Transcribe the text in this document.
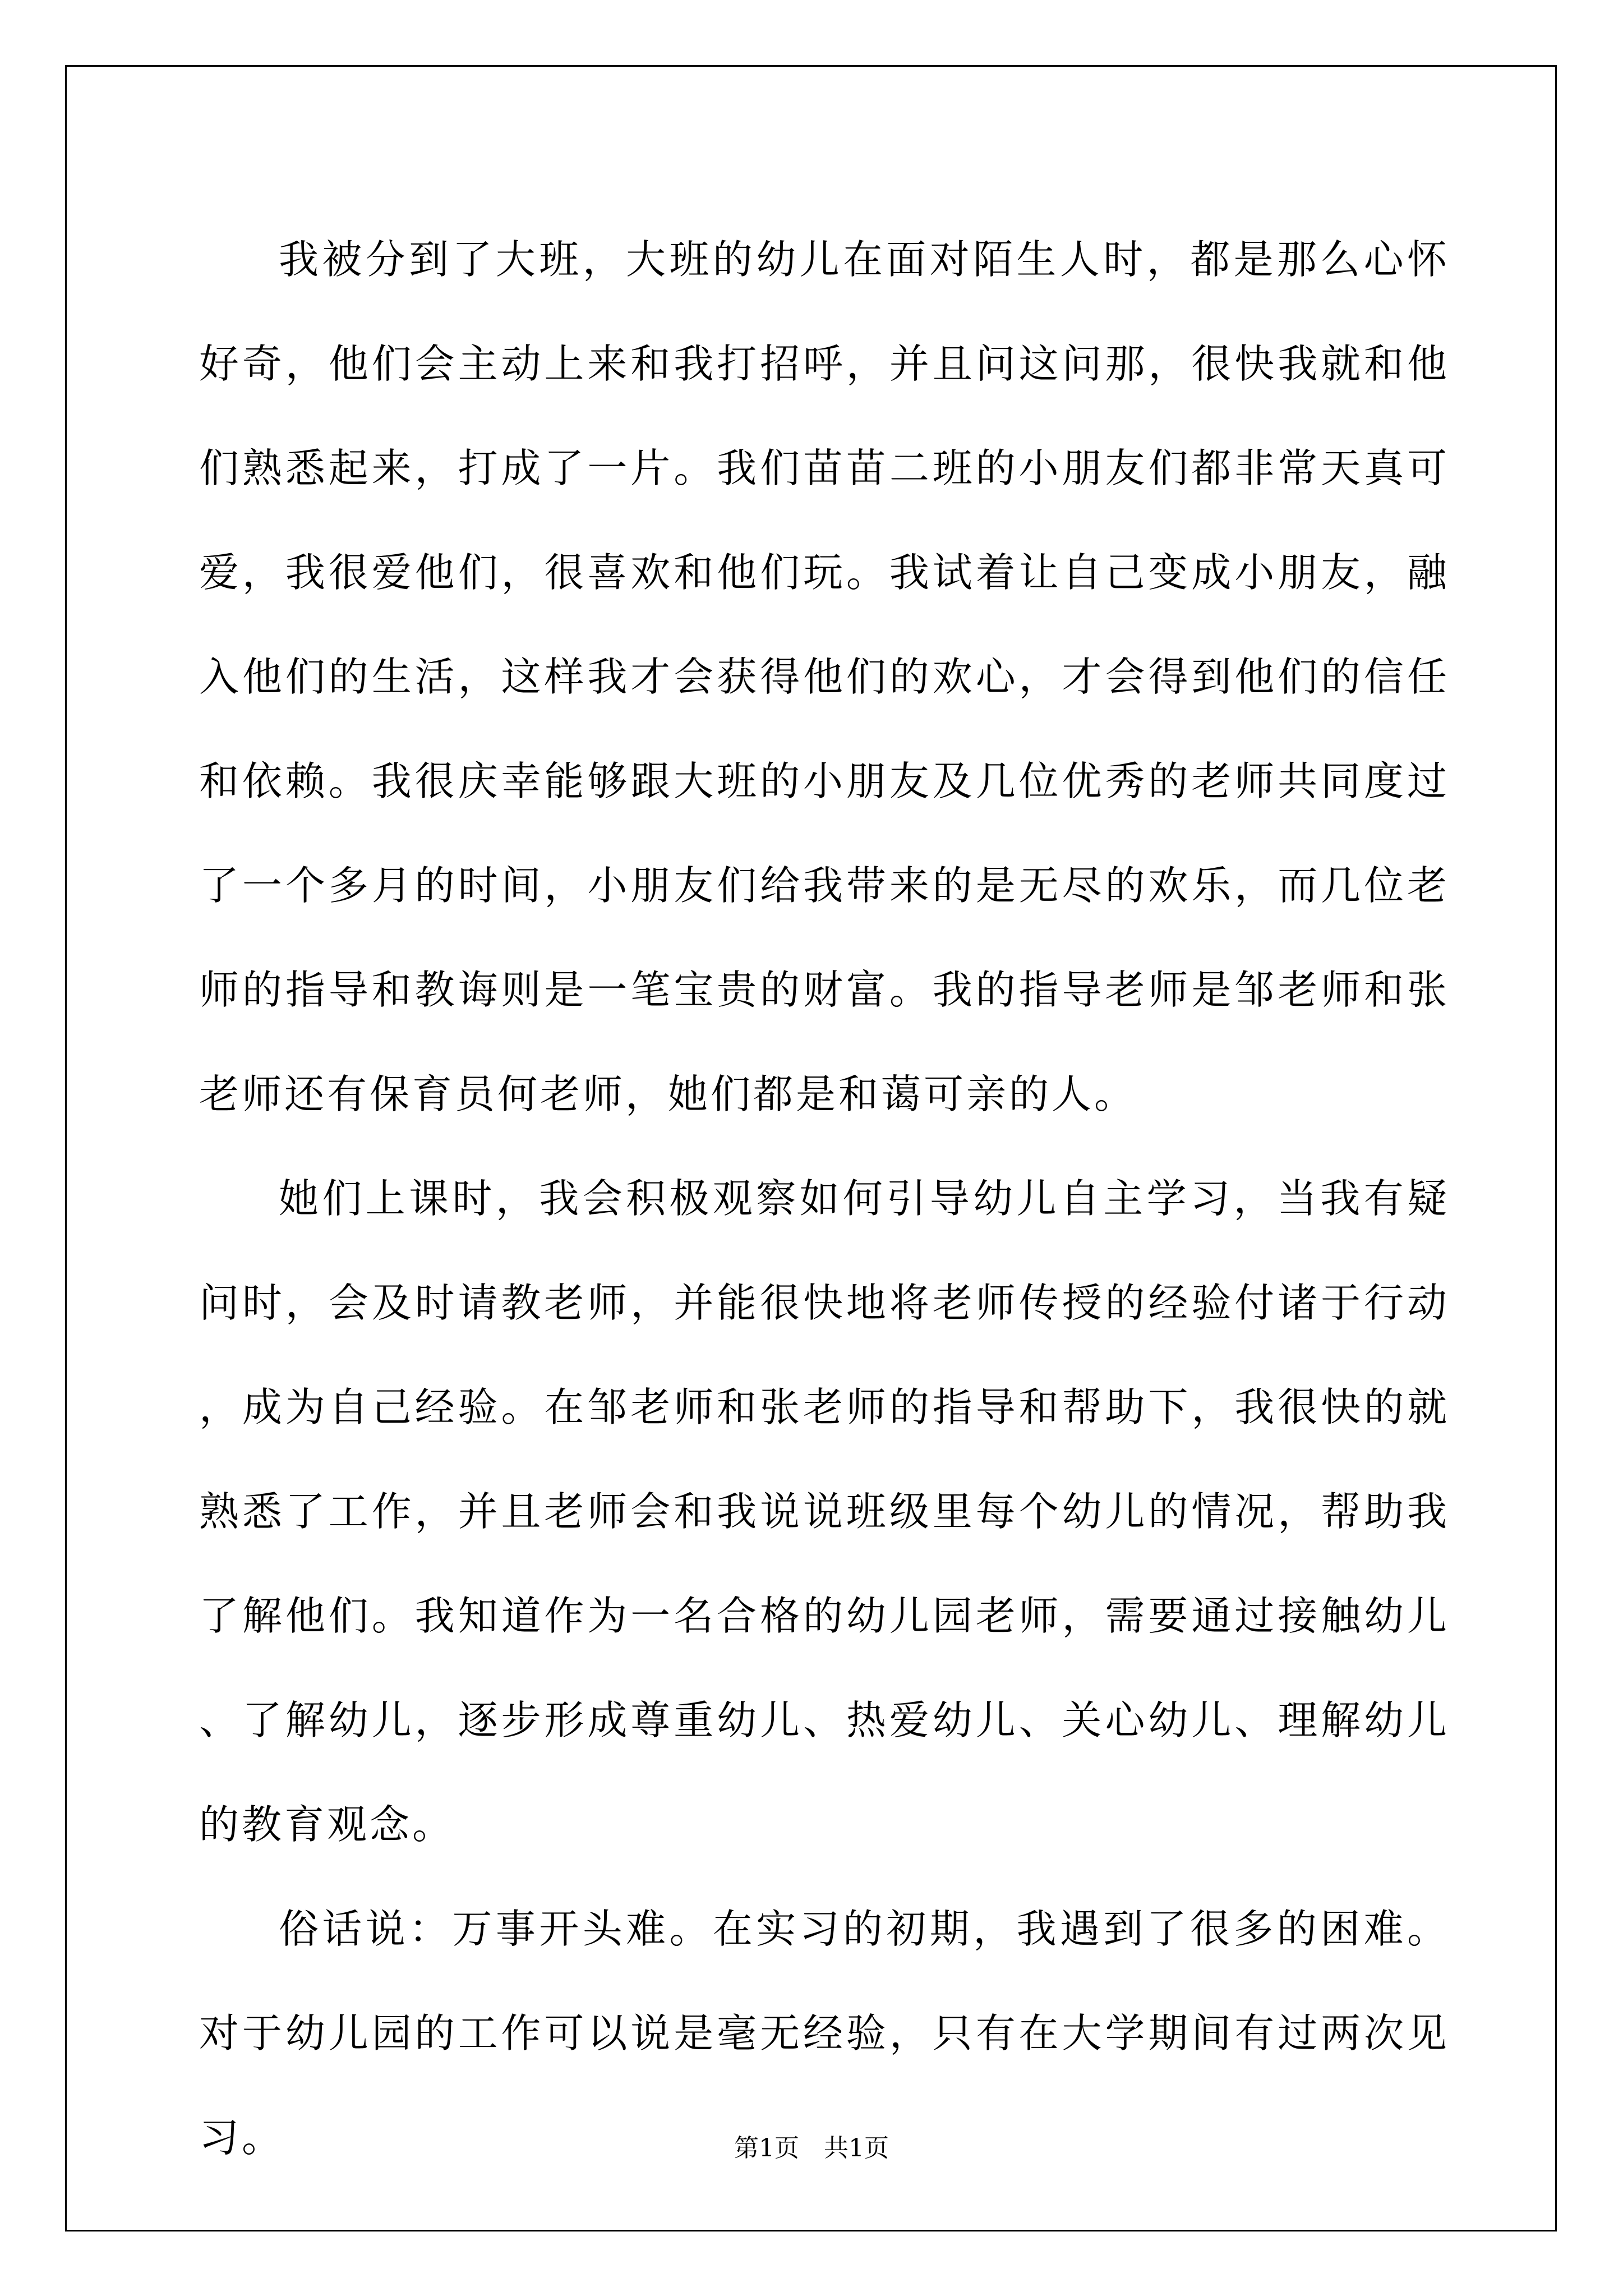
我被分到了大班，大班的幼儿在面对陌生人时，都是那么心怀好奇，他们会主动上来和我打招呼，并且问这问那，很快我就和他们熟悉起来，打成了一片。我们苗苗二班的小朋友们都非常天真可爱，我很爱他们，很喜欢和他们玩。我试着让自己变成小朋友，融入他们的生活，这样我才会获得他们的欢心，才会得到他们的信任和依赖。我很庆幸能够跟大班的小朋友及几位优秀的老师共同度过了一个多月的时间，小朋友们给我带来的是无尽的欢乐，而几位老师的指导和教诲则是一笔宝贵的财富。我的指导老师是邹老师和张老师还有保育员何老师，她们都是和蔼可亲的人。

她们上课时，我会积极观察如何引导幼儿自主学习，当我有疑问时，会及时请教老师，并能很快地将老师传授的经验付诸于行动，成为自己经验。在邹老师和张老师的指导和帮助下，我很快的就熟悉了工作，并且老师会和我说说班级里每个幼儿的情况，帮助我了解他们。我知道作为一名合格的幼儿园老师，需要通过接触幼儿、了解幼儿，逐步形成尊重幼儿、热爱幼儿、关心幼儿、理解幼儿的教育观念。

俗话说：万事开头难。在实习的初期，我遇到了很多的困难。对于幼儿园的工作可以说是毫无经验，只有在大学期间有过两次见习。	第1页 共1页
